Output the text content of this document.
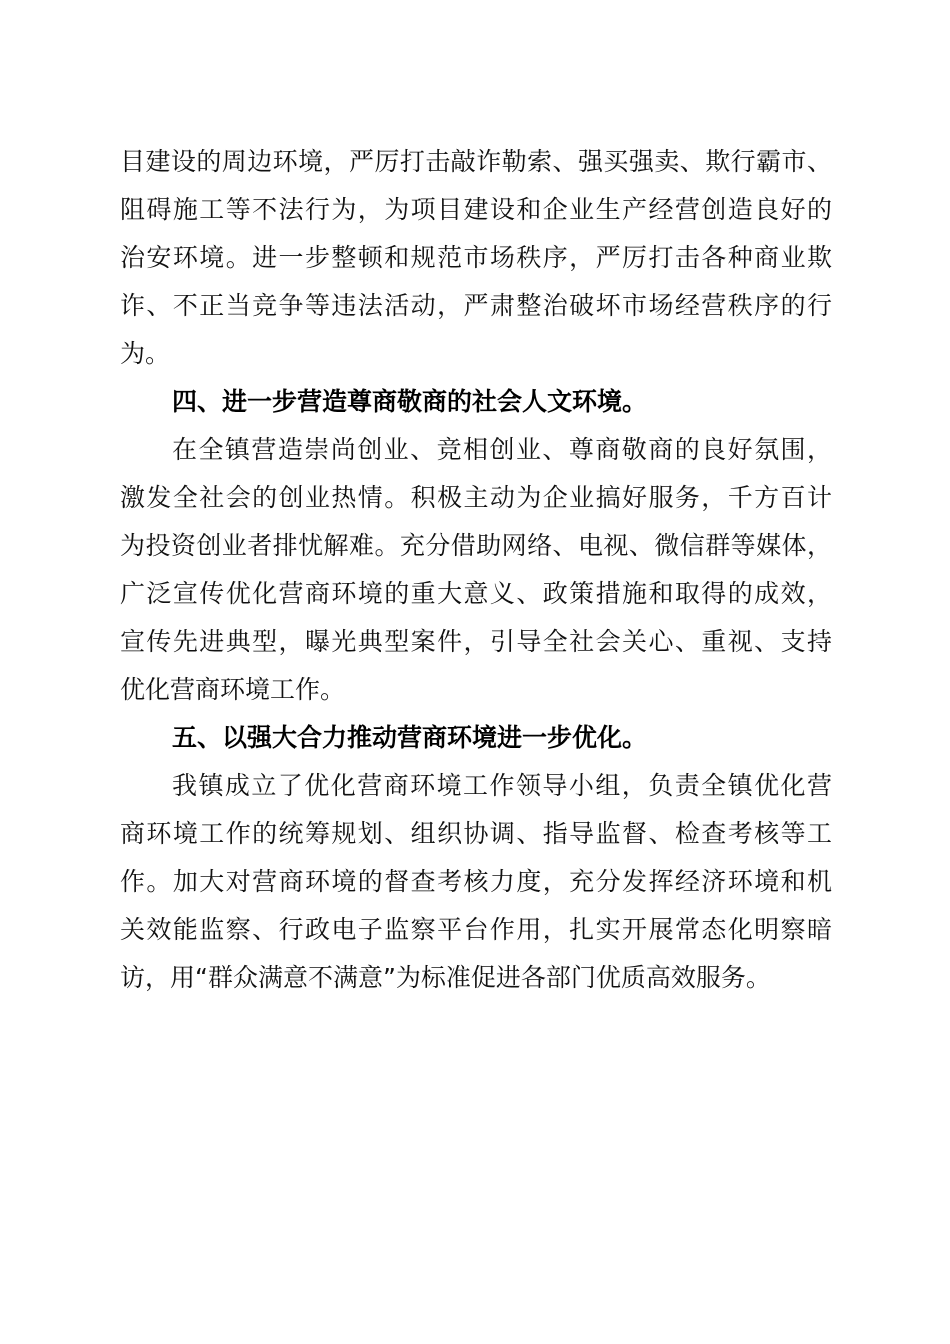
目建设的周边环境，严厉打击敲诈勒索、强买强卖、欺行霸市、
阻碍施工等不法行为，为项目建设和企业生产经营创造良好的
治安环境。进一步整顿和规范市场秩序，严厉打击各种商业欺
诈、不正当竞争等违法活动，严肃整治破坏市场经营秩序的行
为。
四、进一步营造尊商敬商的社会人文环境。
在全镇营造崇尚创业、竞相创业、尊商敬商的良好氛围，
激发全社会的创业热情。积极主动为企业搞好服务，千方百计
为投资创业者排忧解难。充分借助网络、电视、微信群等媒体，
广泛宣传优化营商环境的重大意义、政策措施和取得的成效，
宣传先进典型，曝光典型案件，引导全社会关心、重视、支持
优化营商环境工作。
五、以强大合力推动营商环境进一步优化。
我镇成立了优化营商环境工作领导小组，负责全镇优化营
商环境工作的统筹规划、组织协调、指导监督、检查考核等工
作。加大对营商环境的督查考核力度，充分发挥经济环境和机
关效能监察、行政电子监察平台作用，扎实开展常态化明察暗
访，用“群众满意不满意”为标准促进各部门优质高效服务。
